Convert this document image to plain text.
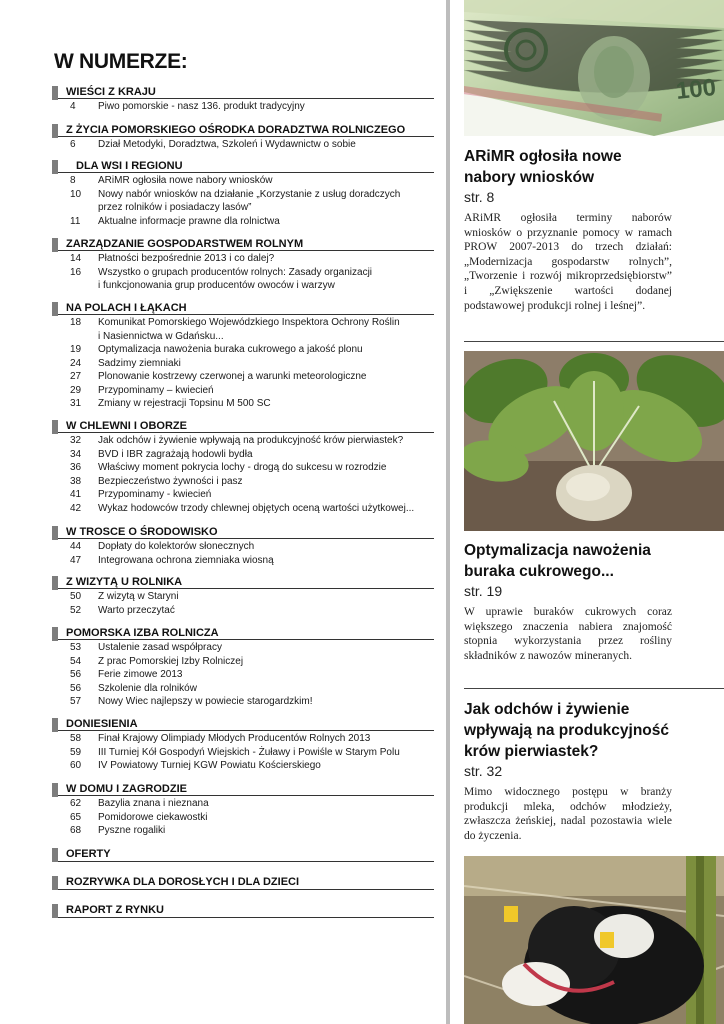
W NUMERZE:
WIEŚCI Z KRAJU
4	Piwo pomorskie - nasz 136. produkt tradycyjny
Z ŻYCIA POMORSKIEGO OŚRODKA DORADZTWA ROLNICZEGO
6	Dział Metodyki, Doradztwa, Szkoleń i Wydawnictw o sobie
DLA WSI I REGIONU
8	ARiMR ogłosiła nowe nabory wniosków
10	Nowy nabór wniosków na działanie „Korzystanie z usług doradczych
przez rolników i posiadaczy lasów”
11	Aktualne informacje prawne dla rolnictwa
ZARZĄDZANIE GOSPODARSTWEM ROLNYM
14	Płatności bezpośrednie 2013 i co dalej?
16	Wszystko o grupach producentów rolnych: Zasady organizacji
i funkcjonowania grup producentów owoców i warzyw
NA POLACH I ŁĄKACH
18	Komunikat Pomorskiego Wojewódzkiego Inspektora Ochrony Roślin
i Nasiennictwa w Gdańsku...
19	Optymalizacja nawożenia buraka cukrowego a jakość plonu
24	Sadzimy ziemniaki
27	Plonowanie kostrzewy czerwonej a warunki meteorologiczne
29	Przypominamy – kwiecień
31	Zmiany w rejestracji Topsinu M 500 SC
W CHLEWNI I OBORZE
32	Jak odchów i żywienie wpływają na produkcyjność krów pierwiastek?
34	BVD i IBR zagrażają hodowli bydła
36	Właściwy moment pokrycia lochy - drogą do sukcesu w rozrodzie
38	Bezpieczeństwo żywności i pasz
41	Przypominamy - kwiecień
42	Wykaz hodowców trzody chlewnej objętych oceną wartości użytkowej...
W TROSCE O ŚRODOWISKO
44	Dopłaty do kolektorów słonecznych
47	Integrowana ochrona ziemniaka wiosną
Z WIZYTĄ U ROLNIKA
50	Z wizytą w Staryni
52	Warto przeczytać
POMORSKA IZBA ROLNICZA
53	Ustalenie zasad współpracy
54	Z prac Pomorskiej Izby Rolniczej
56	Ferie zimowe 2013
56	Szkolenie dla rolników
57	Nowy Wiec najlepszy w powiecie starogardzkim!
DONIESIENIA
58	Finał Krajowy Olimpiady Młodych Producentów Rolnych 2013
59	III Turniej Kół Gospodyń Wiejskich - Żuławy i Powiśle w Starym Polu
60	IV Powiatowy Turniej KGW Powiatu Kościerskiego
W DOMU I ZAGRODZIE
62	Bazylia znana i nieznana
65	Pomidorowe ciekawostki
68	Pyszne rogaliki
OFERTY
ROZRYWKA DLA DOROSŁYCH I DLA DZIECI
RAPORT Z RYNKU
100
ARiMR ogłosiła nowe nabory wniosków
str. 8

ARiMR ogłosiła terminy naborów wniosków o przyznanie pomocy w ramach PROW 2007-2013 do trzech działań: „Modernizacja gospodarstw rolnych”, „Tworzenie i rozwój mikroprzedsiębiorstw” i „Zwiększenie wartości dodanej podstawowej produkcji rolnej i leśnej”.

Optymalizacja nawożenia buraka cukrowego...
str. 19

W uprawie buraków cukrowych coraz większego znaczenia nabiera znajomość stopnia wykorzystania przez rośliny składników z nawozów mineranych.

Jak odchów i żywienie wpływają na produkcyjność krów pierwiastek?
str. 32

Mimo widocznego postępu w branży produkcji mleka, odchów młodzieży, zwłaszcza żeńskiej, nadal pozostawia wiele do życzenia.
